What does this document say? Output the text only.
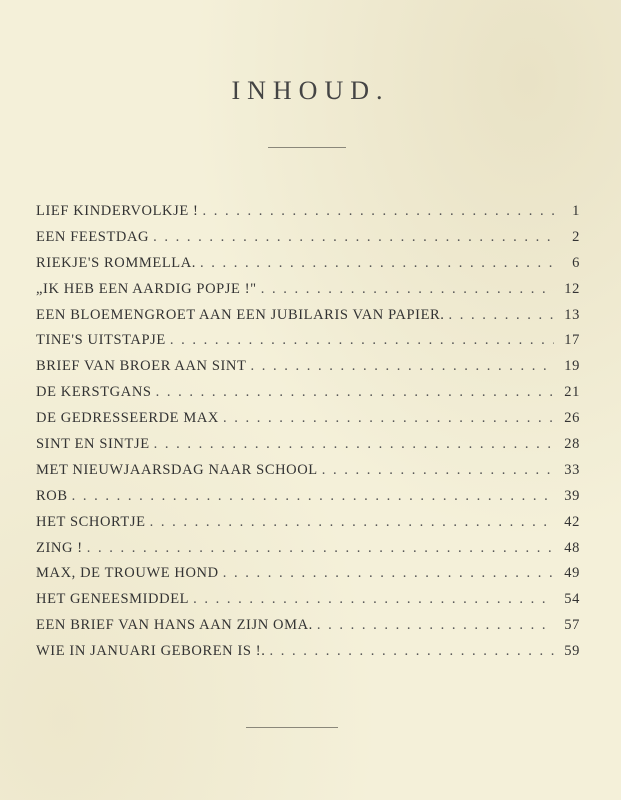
INHOUD.
LIEF KINDERVOLKJE ! . . .	1
EEN FEESTDAG . . .	2
RIEKJE'S ROMMELLA. . . .	6
„IK HEB EEN AARDIG POPJE !" . . .	12
EEN BLOEMENGROET AAN EEN JUBILARIS VAN PAPIER. . . .	13
TINE'S UITSTAPJE . . .	17
BRIEF VAN BROER AAN SINT . . .	19
DE KERSTGANS . . .	21
DE GEDRESSEERDE MAX . . .	26
SINT EN SINTJE . . .	28
MET NIEUWJAARSDAG NAAR SCHOOL . . .	33
ROB . . .	39
HET SCHORTJE . . .	42
ZING ! . . .	48
MAX, DE TROUWE HOND . . .	49
HET GENEESMIDDEL . . .	54
EEN BRIEF VAN HANS AAN ZIJN OMA. . . .	57
WIE IN JANUARI GEBOREN IS !. . . .	59
